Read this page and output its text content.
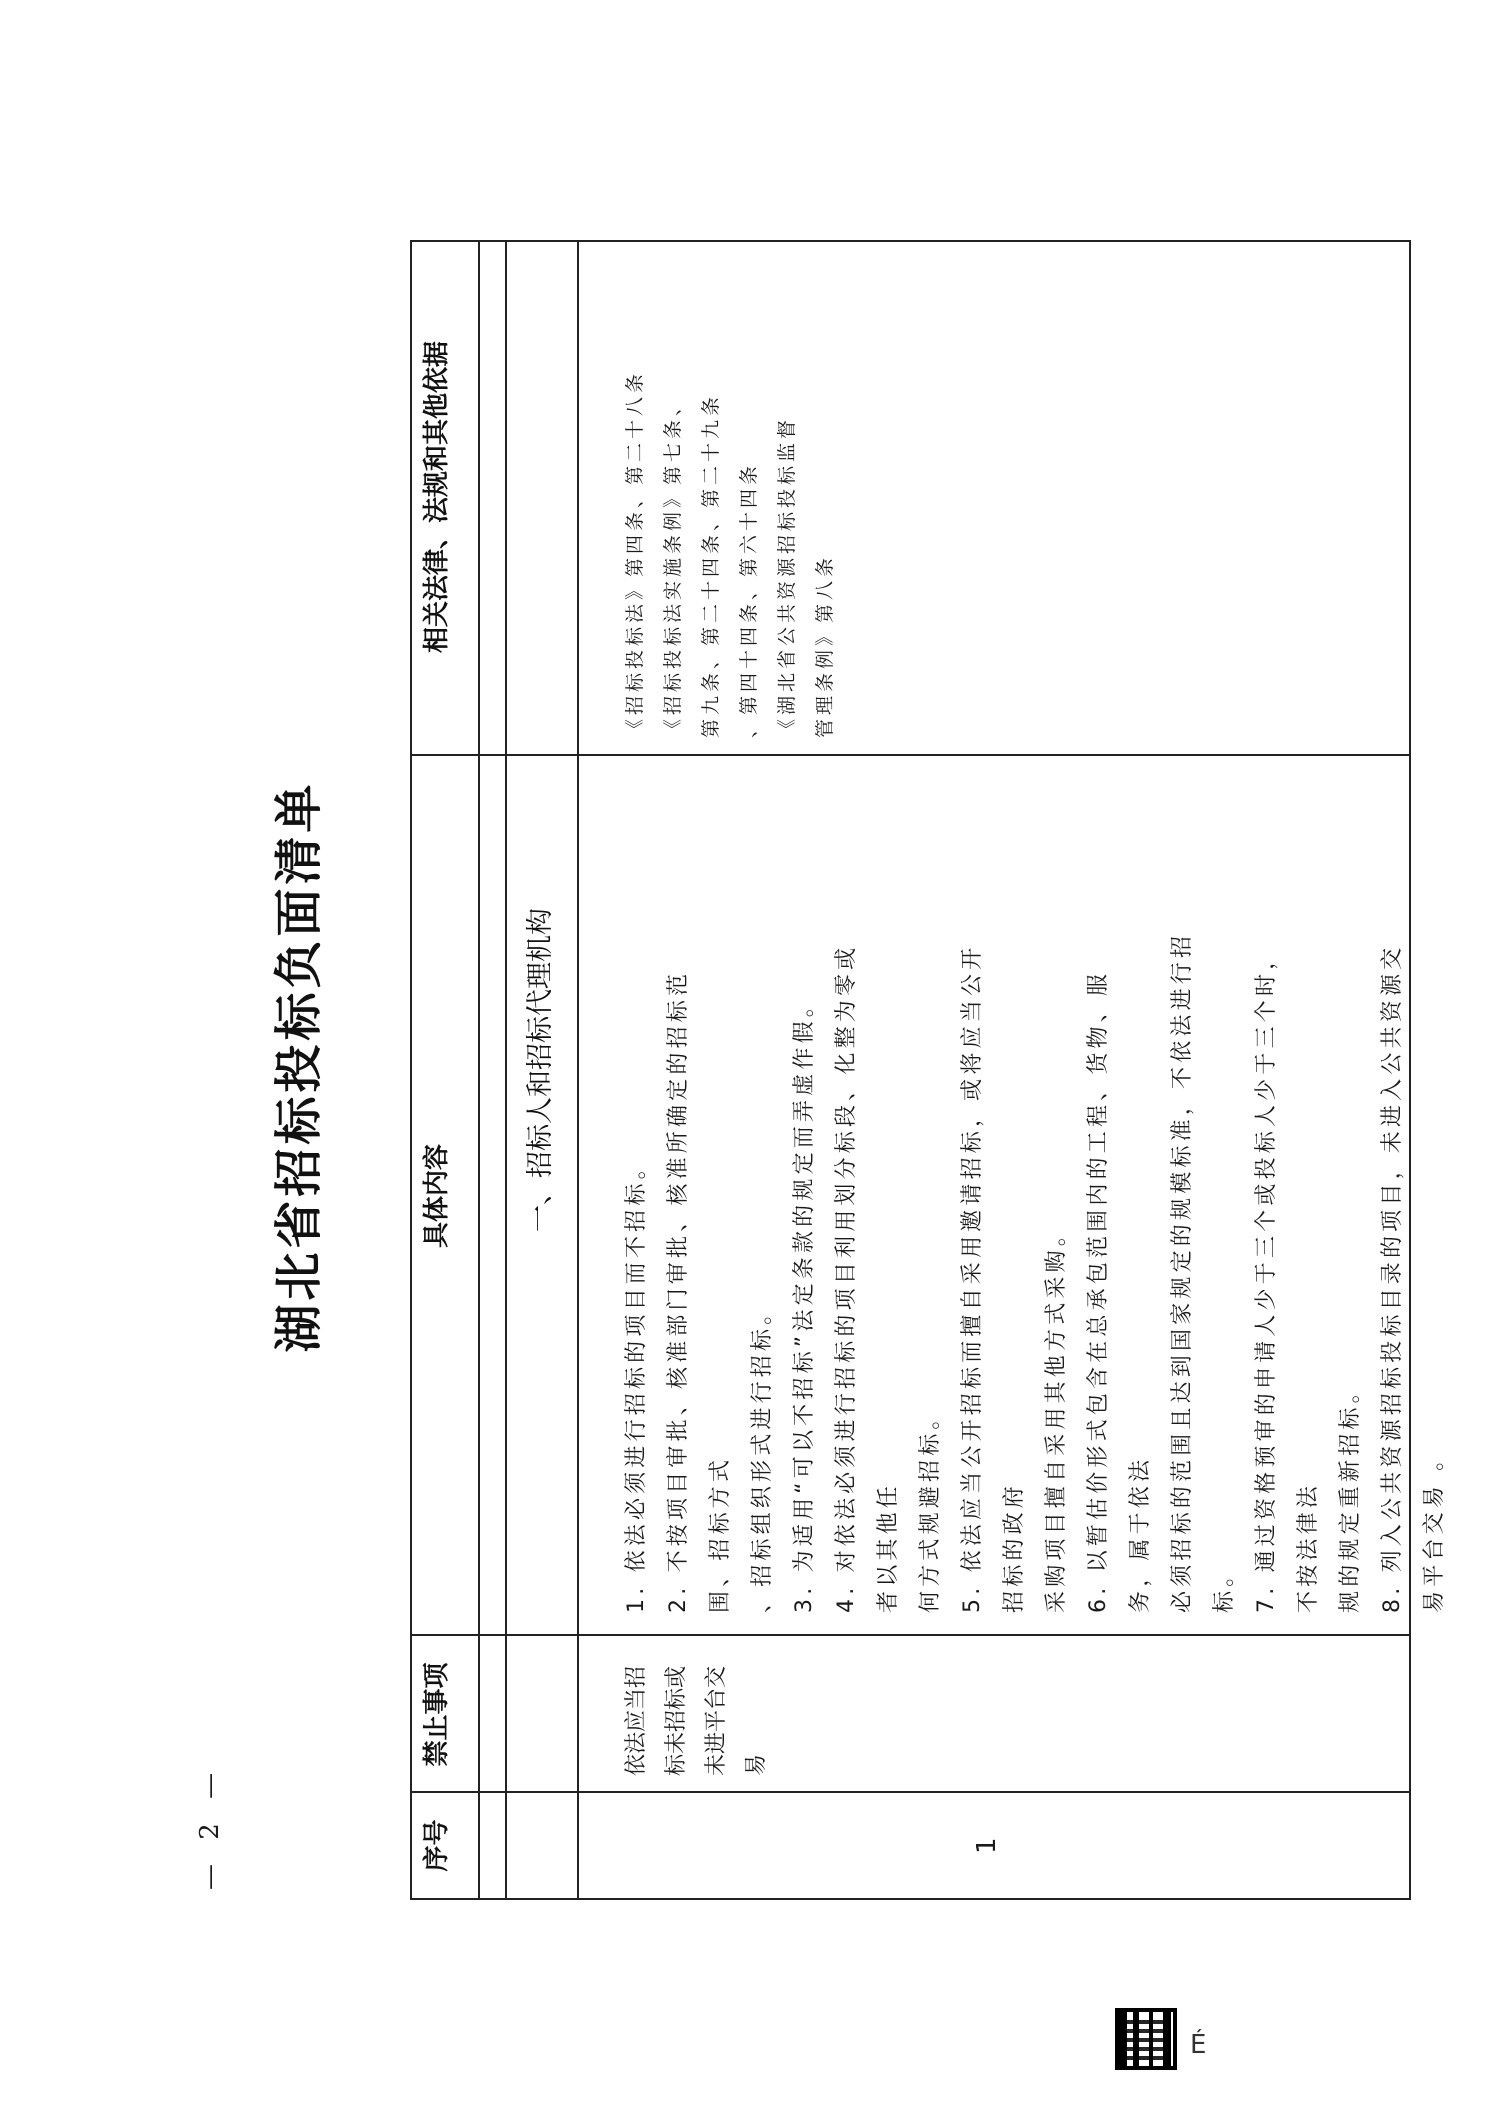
湖北省招标投标负面清单
序号
禁止事项
具体内容
相关法律、法规和其他依据
一、招标人和招标代理机构
1
依法应当招标未招标或未进平台交易
1. 依法必须进行招标的项目而不招标。 2. 不按项目审批、核准部门审批、核准所确定的招标范围、招标方式 、招标组织形式进行招标。 3. 为适用“可以不招标”法定条款的规定而弄虚作假。 4. 对依法必须进行招标的项目利用划分标段、化整为零或者以其他任 何方式规避招标。 5. 依法应当公开招标而擅自采用邀请招标，或将应当公开招标的政府 采购项目擅自采用其他方式采购。 6. 以暂估价形式包含在总承包范围内的工程、货物、服务，属于依法 必须招标的范围且达到国家规定的规模标准，不依法进行招标。 7. 通过资格预审的申请人少于三个或投标人少于三个时，不按法律法 规的规定重新招标。 8. 列入公共资源招标投标目录的项目，未进入公共资源交易平台交易 。
《招标投标法》第四条、第二十八条 《招标投标法实施条例》第七条、 第九条、第二十四条、第二十九条 、第四十四条、第六十四条 《湖北省公共资源招标投标监督 管理条例》第八条
— 2 —
É
